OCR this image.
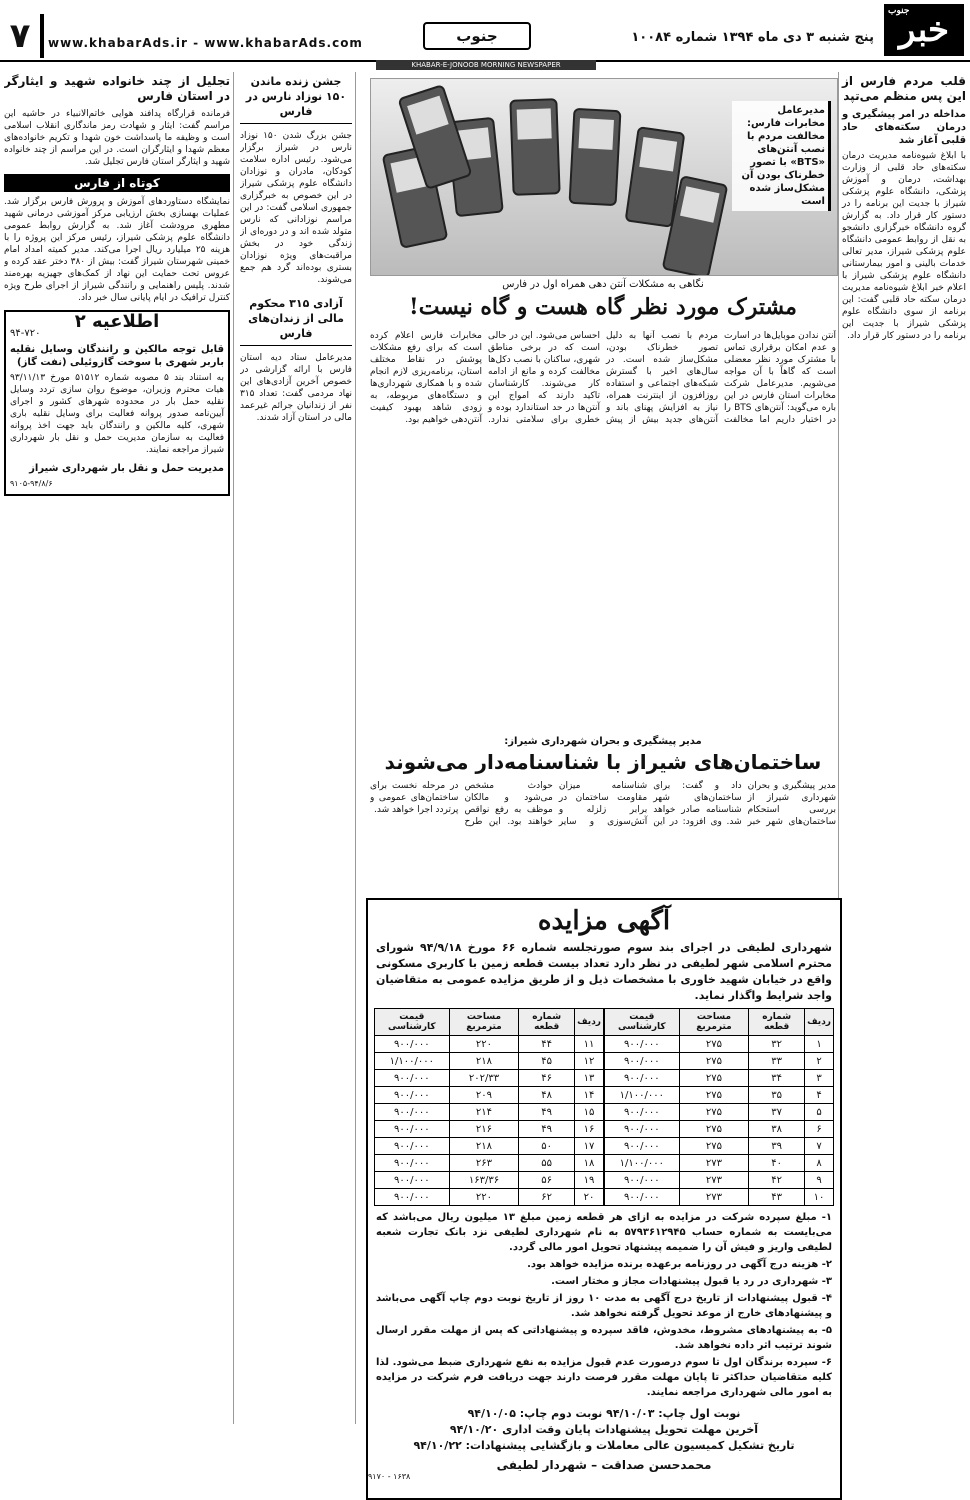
جنوب
خبر
پنج شنبه ۳ دی ماه ۱۳۹۴ شماره ۱۰۰۸۴
جنوب
www.khabarAds.ir - www.khabarAds.com
۷
KHABAR-E-JONOOB MORNING NEWSPAPER
قلب مردم فارس از این پس منظم می‌تپد
مداخله در امر پیشگیری و درمان سکته‌های حاد قلبی آغاز شد

با ابلاغ شیوه‌نامه مدیریت درمان سکته‌های حاد قلبی از وزارت بهداشت، درمان و آموزش پزشکی، دانشگاه علوم پزشکی شیراز با جدیت این برنامه را در دستور کار قرار داد. به گزارش گروه دانشگاه خبرگزاری دانشجو به نقل از روابط عمومی دانشگاه علوم پزشکی شیراز، مدیر تعالی خدمات بالینی و امور بیمارستانی دانشگاه علوم پزشکی شیراز با اعلام خبر ابلاغ شیوه‌نامه مدیریت درمان سکته حاد قلبی گفت: این برنامه از سوی دانشگاه علوم پزشکی شیراز با جدیت این برنامه را در دستور کار قرار داد.

مدیرعامل مخابرات فارس: مخالفت مردم با نصب آنتن‌های «BTS» با تصور خطرناک بودن آن مشکل‌ساز شده است
نگاهی به مشکلات آنتن دهی همراه اول در فارس
مشترک مورد نظر گاه هست و گاه نیست!

آنتن ندادن موبایل‌ها در اسارت و عدم امکان برقراری تماس با مشترک مورد نظر معضلی است که گاهاً با آن مواجه می‌شویم. مدیرعامل شرکت مخابرات استان فارس در این باره می‌گوید: آنتن‌های BTS را در اختیار داریم اما مخالفت مردم با نصب آنها به دلیل تصور خطرناک بودن، مشکل‌ساز شده است. در سال‌های اخیر با گسترش شبکه‌های اجتماعی و استفاده روزافزون از اینترنت همراه، نیاز به افزایش پهنای باند و آنتن‌های جدید بیش از پیش احساس می‌شود. این در حالی است که در برخی مناطق شهری، ساکنان با نصب دکل‌ها مخالفت کرده و مانع از ادامه کار می‌شوند. کارشناسان تاکید دارند که امواج این آنتن‌ها در حد استاندارد بوده و خطری برای سلامتی ندارد. مخابرات فارس اعلام کرده است که برای رفع مشکلات پوشش در نقاط مختلف استان، برنامه‌ریزی لازم انجام شده و با همکاری شهرداری‌ها و دستگاه‌های مربوطه، به زودی شاهد بهبود کیفیت آنتن‌دهی خواهیم بود.

مدیر پیشگیری و بحران شهرداری شیراز:
ساختمان‌های شیراز با شناسنامه‌دار می‌شوند

مدیر پیشگیری و بحران شهرداری شیراز از بررسی استحکام ساختمان‌های شهر خبر داد و گفت: برای ساختمان‌های شهر شناسنامه صادر خواهد شد. وی افزود: در این شناسنامه میزان مقاومت ساختمان در برابر زلزله و آتش‌سوزی و سایر حوادث مشخص می‌شود و مالکان موظف به رفع نواقص خواهند بود. این طرح در مرحله نخست برای ساختمان‌های عمومی و پرتردد اجرا خواهد شد.

آگهی مزایده
شهرداری لطیفی در اجرای بند سوم صورتجلسه شماره ۶۶ مورخ ۹۴/۹/۱۸ شورای محترم اسلامی شهر لطیفی در نظر دارد تعداد بیست قطعه زمین با کاربری مسکونی واقع در خیابان شهید خاوری با مشخصات ذیل و از طریق مزایده عمومی به متقاضیان واجد شرایط واگذار نماید.
ردیف	شماره قطعه	مساحت مترمربع	قیمت کارشناسی
۱	۳۲	۲۷۵	۹۰۰/۰۰۰
۲	۳۳	۲۷۵	۹۰۰/۰۰۰
۳	۳۴	۲۷۵	۹۰۰/۰۰۰
۴	۳۵	۲۷۵	۱/۱۰۰/۰۰۰
۵	۳۷	۲۷۵	۹۰۰/۰۰۰
۶	۳۸	۲۷۵	۹۰۰/۰۰۰
۷	۳۹	۲۷۵	۹۰۰/۰۰۰
۸	۴۰	۲۷۳	۱/۱۰۰/۰۰۰
۹	۴۲	۲۷۳	۹۰۰/۰۰۰
۱۰	۴۳	۲۷۳	۹۰۰/۰۰۰
ردیف	شماره قطعه	مساحت مترمربع	قیمت کارشناسی
۱۱	۴۴	۲۲۰	۹۰۰/۰۰۰
۱۲	۴۵	۲۱۸	۱/۱۰۰/۰۰۰
۱۳	۴۶	۲۰۲/۳۳	۹۰۰/۰۰۰
۱۴	۴۸	۲۰۹	۹۰۰/۰۰۰
۱۵	۴۹	۲۱۴	۹۰۰/۰۰۰
۱۶	۴۹	۲۱۶	۹۰۰/۰۰۰
۱۷	۵۰	۲۱۸	۹۰۰/۰۰۰
۱۸	۵۵	۲۶۳	۹۰۰/۰۰۰
۱۹	۵۶	۱۶۳/۳۶	۹۰۰/۰۰۰
۲۰	۶۲	۲۲۰	۹۰۰/۰۰۰

۱- مبلغ سپرده شرکت در مزایده به ازای هر قطعه زمین مبلغ ۱۳ میلیون ریال می‌باشد که می‌بایست به شماره حساب ۵۷۹۳۶۱۲۹۴۵ به نام شهرداری لطیفی نزد بانک تجارت شعبه لطیفی واریز و فیش آن را ضمیمه پیشنهاد تحویل امور مالی گردد.

۲- هزینه درج آگهی در روزنامه برعهده برنده مزایده خواهد بود.

۳- شهرداری در رد یا قبول پیشنهادات مجاز و مختار است.

۴- قبول پیشنهادات از تاریخ درج آگهی به مدت ۱۰ روز از تاریخ نوبت دوم چاپ آگهی می‌باشد و پیشنهادهای خارج از موعد تحویل گرفته نخواهد شد.

۵- به پیشنهادهای مشروط، مخدوش، فاقد سپرده و پیشنهاداتی که پس از مهلت مقرر ارسال شوند ترتیب اثر داده نخواهد شد.

۶- سپرده برندگان اول تا سوم درصورت عدم قبول مزایده به نفع شهرداری ضبط می‌شود. لذا کلیه متقاضیان حداکثر تا پایان مهلت مقرر فرصت دارند جهت دریافت فرم شرکت در مزایده به امور مالی شهرداری مراجعه نمایند.

نوبت اول چاپ: ۹۴/۱۰/۰۳ نوبت دوم چاپ: ۹۴/۱۰/۰۵
آخرین مهلت تحویل پیشنهادات پایان وقت اداری ۹۴/۱۰/۲۰
تاریخ تشکیل کمیسیون عالی معاملات و بازگشایی پیشنهادات: ۹۴/۱۰/۲۲
محمدحسن صداقت – شهردار لطیفی
۹۱۷۰ - ۱۶۳۸
جشن زنده ماندن ۱۵۰ نوزاد نارس در فارس

جشن بزرگ شدن ۱۵۰ نوزاد نارس در شیراز برگزار می‌شود. رئیس اداره سلامت کودکان، مادران و نوزادان دانشگاه علوم پزشکی شیراز در این خصوص به خبرگزاری جمهوری اسلامی گفت: در این مراسم نوزادانی که نارس متولد شده اند و در دوره‌ای از زندگی خود در بخش مراقبت‌های ویژه نوزادان بستری بوده‌اند گرد هم جمع می‌شوند.

آزادی ۳۱۵ محکوم مالی از زندان‌های فارس

مدیرعامل ستاد دیه استان فارس با ارائه گزارشی در خصوص آخرین آزادی‌های این نهاد مردمی گفت: تعداد ۳۱۵ نفر از زندانیان جرائم غیرعمد مالی در استان آزاد شدند.

تجلیل از چند خانواده شهید و ایثارگر در استان فارس

فرمانده قرارگاه پدافند هوایی خاتم‌الانبیاء در حاشیه این مراسم گفت: ایثار و شهادت رمز ماندگاری انقلاب اسلامی است و وظیفه ما پاسداشت خون شهدا و تکریم خانواده‌های معظم شهدا و ایثارگران است. در این مراسم از چند خانواده شهید و ایثارگر استان فارس تجلیل شد.

کوتاه از فارس

نمایشگاه دستاوردهای آموزش و پرورش فارس برگزار شد. عملیات بهسازی بخش ارزیابی مرکز آموزشی درمانی شهید مطهری مرودشت آغاز شد. به گزارش روابط عمومی دانشگاه علوم پزشکی شیراز، رئیس مرکز این پروژه را با هزینه ۲۵ میلیارد ریال اجرا می‌کند. مدیر کمیته امداد امام خمینی شهرستان شیراز گفت: بیش از ۳۸۰ دختر عقد کرده و عروس تحت حمایت این نهاد از کمک‌های جهیزیه بهره‌مند شدند. پلیس راهنمایی و رانندگی شیراز از اجرای طرح ویژه کنترل ترافیک در ایام پایانی سال خبر داد.

اطلاعیه ۲
۹۴-۷۲۰
قابل توجه مالکین و رانندگان وسایل نقلیه باربر شهری با سوخت گازوئیلی (نفت گاز)

به استناد بند ۵ مصوبه شماره ۵۱۵۱۲ مورخ ۹۳/۱۱/۱۳ هیات محترم وزیران، موضوع روان سازی تردد وسایل نقلیه حمل بار در محدوده شهرهای کشور و اجرای آیین‌نامه صدور پروانه فعالیت برای وسایل نقلیه باری شهری، کلیه مالکین و رانندگان باید جهت اخذ پروانه فعالیت به سازمان مدیریت حمل و نقل بار شهرداری شیراز مراجعه نمایند.

مدیریت حمل و نقل بار شهرداری شیراز
۹۱۰۵-۹۴/۸/۶
